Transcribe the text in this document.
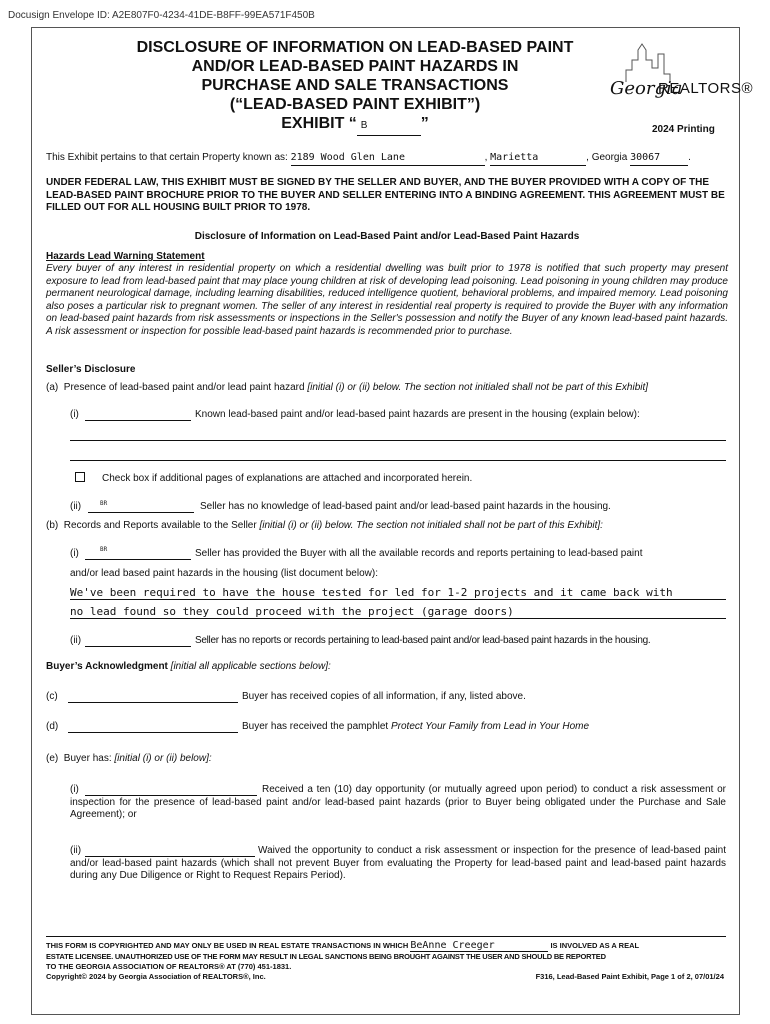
Docusign Envelope ID: A2E807F0-4234-41DE-B8FF-99EA571F450B
DISCLOSURE OF INFORMATION ON LEAD-BASED PAINT
AND/OR LEAD-BASED PAINT HAZARDS IN
PURCHASE AND SALE TRANSACTIONS
(“LEAD-BASED PAINT EXHIBIT”)
EXHIBIT “ B	”
Georgia
REALTORS®
2024 Printing
This Exhibit pertains to that certain Property known as: 2189 Wood Glen Lane	, Marietta	, Georgia 30067	.
UNDER FEDERAL LAW, THIS EXHIBIT MUST BE SIGNED BY THE SELLER AND BUYER, AND THE BUYER PROVIDED WITH A COPY OF THE LEAD-BASED PAINT BROCHURE PRIOR TO THE BUYER AND SELLER ENTERING INTO A BINDING AGREEMENT. THIS AGREEMENT MUST BE FILLED OUT FOR ALL HOUSING BUILT PRIOR TO 1978.
Disclosure of Information on Lead-Based Paint and/or Lead-Based Paint Hazards
Hazards Lead Warning Statement
Every buyer of any interest in residential property on which a residential dwelling was built prior to 1978 is notified that such property may present exposure to lead from lead-based paint that may place young children at risk of developing lead poisoning. Lead poisoning in young children may produce permanent neurological damage, including learning disabilities, reduced intelligence quotient, behavioral problems, and impaired memory. Lead poisoning also poses a particular risk to pregnant women. The seller of any interest in residential real property is required to provide the Buyer with any information on lead-based paint hazards from risk assessments or inspections in the Seller's possession and notify the Buyer of any known lead-based paint hazards. A risk assessment or inspection for possible lead-based paint hazards is recommended prior to purchase.
Seller’s Disclosure
(a) Presence of lead-based paint and/or lead paint hazard [initial (i) or (ii) below. The section not initialed shall not be part of this Exhibit]
(i)	Known lead-based paint and/or lead-based paint hazards are present in the housing (explain below):
Check box if additional pages of explanations are attached and incorporated herein.
(ii)	BR	Seller has no knowledge of lead-based paint and/or lead-based paint hazards in the housing.
(b) Records and Reports available to the Seller [initial (i) or (ii) below. The section not initialed shall not be part of this Exhibit]:
(i)	BR	Seller has provided the Buyer with all the available records and reports pertaining to lead-based paint
and/or lead based paint hazards in the housing (list document below):
We've been required to have the house tested for led for 1-2 projects and it came back with
no lead found so they could proceed with the project (garage doors)
(ii)	Seller has no reports or records pertaining to lead-based paint and/or lead-based paint hazards in the housing.
Buyer’s Acknowledgment [initial all applicable sections below]:
(c)	Buyer has received copies of all information, if any, listed above.
(d)	Buyer has received the pamphlet Protect Your Family from Lead in Your Home
(e) Buyer has: [initial (i) or (ii) below]:
(i)	Received a ten (10) day opportunity (or mutually agreed upon period) to conduct a risk assessment or inspection for the presence of lead-based paint and/or lead-based paint hazards (prior to Buyer being obligated under the Purchase and Sale Agreement); or
(ii)	Waived the opportunity to conduct a risk assessment or inspection for the presence of lead-based paint and/or lead-based paint hazards (which shall not prevent Buyer from evaluating the Property for lead-based paint and lead-based paint hazards during any Due Diligence or Right to Request Repairs Period).
THIS FORM IS COPYRIGHTED AND MAY ONLY BE USED IN REAL ESTATE TRANSACTIONS IN WHICH BeAnne Creeger	IS INVOLVED AS A REAL
ESTATE LICENSEE. UNAUTHORIZED USE OF THE FORM MAY RESULT IN LEGAL SANCTIONS BEING BROUGHT AGAINST THE USER AND SHOULD BE REPORTED
TO THE GEORGIA ASSOCIATION OF REALTORS® AT (770) 451-1831.
Copyright© 2024 by Georgia Association of REALTORS®, Inc.	F316, Lead-Based Paint Exhibit, Page 1 of 2, 07/01/24
